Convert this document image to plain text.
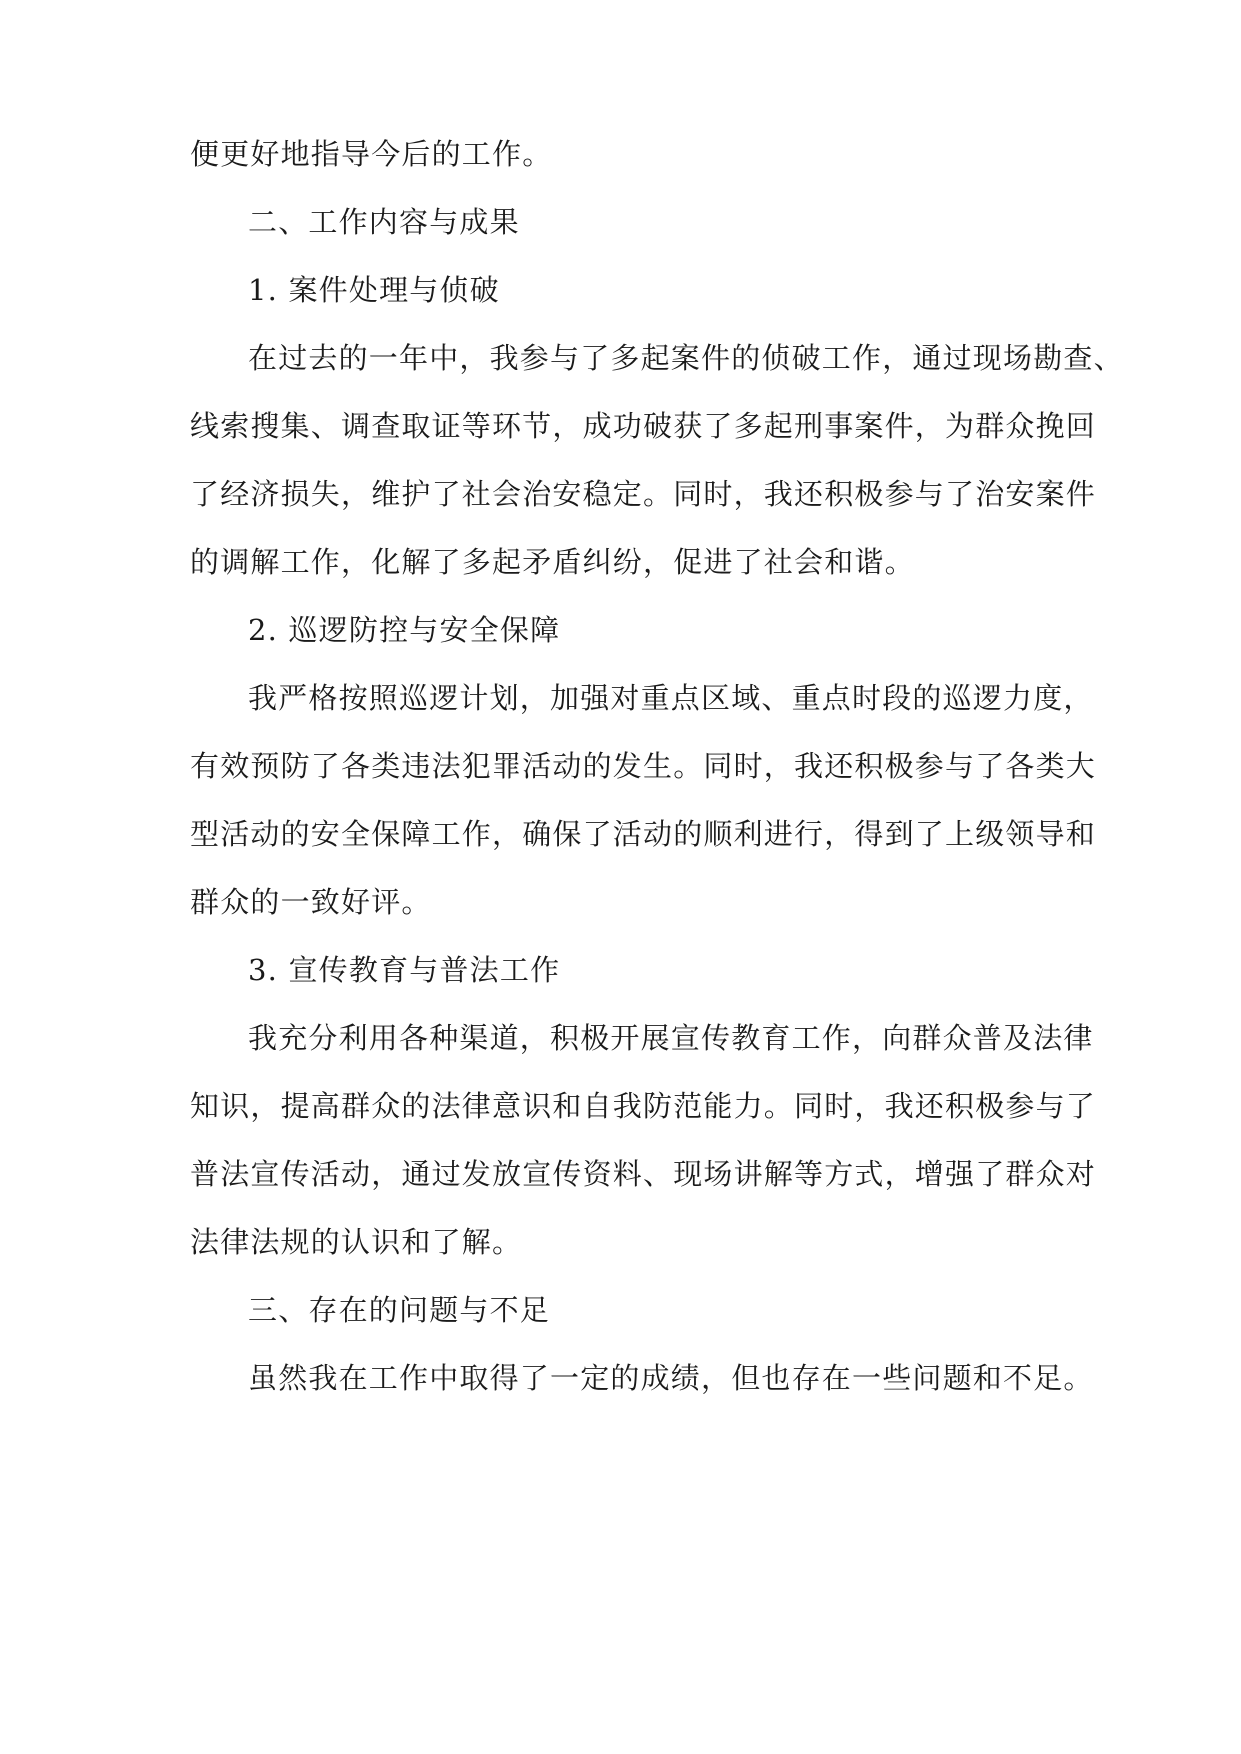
便更好地指导今后的工作。
二、工作内容与成果
1. 案件处理与侦破
在过去的一年中，我参与了多起案件的侦破工作，通过现场勘查、
线索搜集、调查取证等环节，成功破获了多起刑事案件，为群众挽回
了经济损失，维护了社会治安稳定。同时，我还积极参与了治安案件
的调解工作，化解了多起矛盾纠纷，促进了社会和谐。
2. 巡逻防控与安全保障
我严格按照巡逻计划，加强对重点区域、重点时段的巡逻力度，
有效预防了各类违法犯罪活动的发生。同时，我还积极参与了各类大
型活动的安全保障工作，确保了活动的顺利进行，得到了上级领导和
群众的一致好评。
3. 宣传教育与普法工作
我充分利用各种渠道，积极开展宣传教育工作，向群众普及法律
知识，提高群众的法律意识和自我防范能力。同时，我还积极参与了
普法宣传活动，通过发放宣传资料、现场讲解等方式，增强了群众对
法律法规的认识和了解。
三、存在的问题与不足
虽然我在工作中取得了一定的成绩，但也存在一些问题和不足。
